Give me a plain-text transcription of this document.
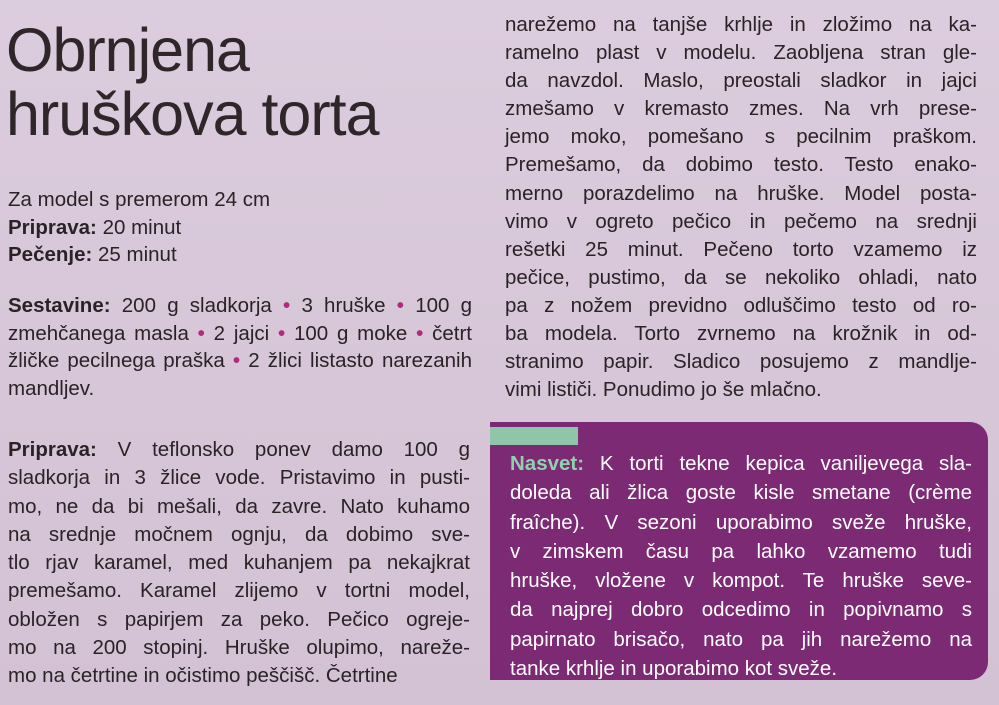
Obrnjena
hruškova torta
Za model s premerom 24 cm
Priprava: 20 minut
Pečenje: 25 minut
Sestavine: 200 g sladkorja • 3 hruške • 100 g zmehčanega masla • 2 jajci • 100 g moke • četrt žličke pecilnega praška • 2 žlici listasto narezanih mandljev.
Priprava: V teflonsko ponev damo 100 g
sladkorja in 3 žlice vode. Pristavimo in pusti-
mo, ne da bi mešali, da zavre. Nato kuhamo
na srednje močnem ognju, da dobimo sve-
tlo rjav karamel, med kuhanjem pa nekajkrat
premešamo. Karamel zlijemo v tortni model,
obložen s papirjem za peko. Pečico ogreje-
mo na 200 stopinj. Hruške olupimo, nareže-
mo na četrtine in očistimo peščišč. Četrtine
narežemo na tanjše krhlje in zložimo na ka-
ramelno plast v modelu. Zaobljena stran gle-
da navzdol. Maslo, preostali sladkor in jajci
zmešamo v kremasto zmes. Na vrh prese-
jemo moko, pomešano s pecilnim praškom.
Premešamo, da dobimo testo. Testo enako-
merno porazdelimo na hruške. Model posta-
vimo v ogreto pečico in pečemo na srednji
rešetki 25 minut. Pečeno torto vzamemo iz
pečice, pustimo, da se nekoliko ohladi, nato
pa z nožem previdno odluščimo testo od ro-
ba modela. Torto zvrnemo na krožnik in od-
stranimo papir. Sladico posujemo z mandlje-
vimi lističi. Ponudimo jo še mlačno.
Nasvet: K torti tekne kepica vaniljevega sla-
doleda ali žlica goste kisle smetane (crème
fraîche). V sezoni uporabimo sveže hruške,
v zimskem času pa lahko vzamemo tudi
hruške, vložene v kompot. Te hruške seve-
da najprej dobro odcedimo in popivnamo s
papirnato brisačo, nato pa jih narežemo na
tanke krhlje in uporabimo kot sveže.
